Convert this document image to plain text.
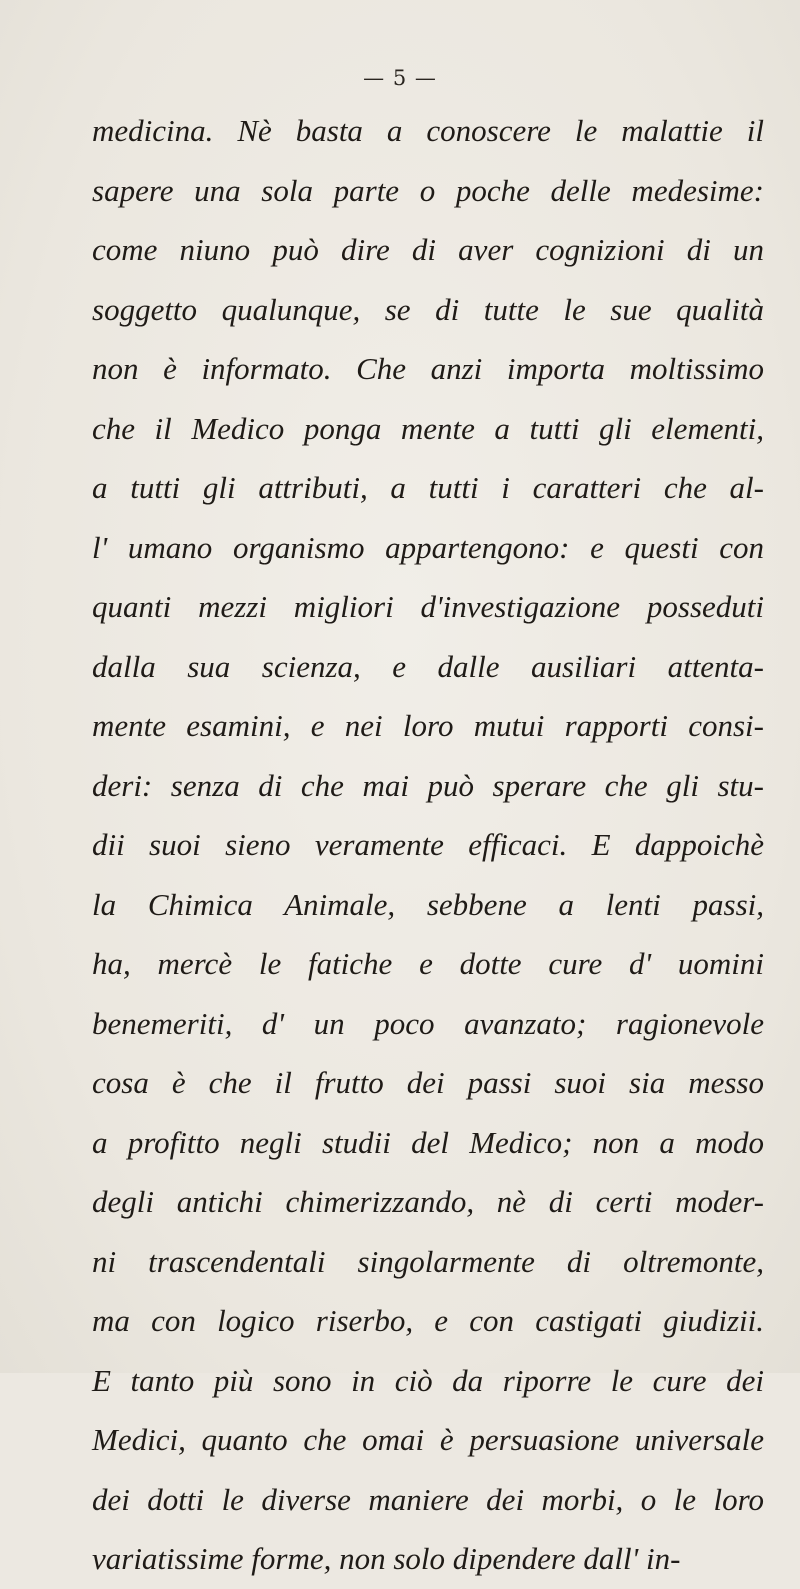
— 5 —
medicina. Nè basta a conoscere le malattie il
sapere una sola parte o poche delle medesime:
come niuno può dire di aver cognizioni di un
soggetto qualunque, se di tutte le sue qualità
non è informato. Che anzi importa moltissimo
che il Medico ponga mente a tutti gli elementi,
a tutti gli attributi, a tutti i caratteri che al-
l' umano organismo appartengono: e questi con
quanti mezzi migliori d'investigazione posseduti
dalla sua scienza, e dalle ausiliari attenta-
mente esamini, e nei loro mutui rapporti consi-
deri: senza di che mai può sperare che gli stu-
dii suoi sieno veramente efficaci. E dappoichè
la Chimica Animale, sebbene a lenti passi,
ha, mercè le fatiche e dotte cure d' uomini
benemeriti, d' un poco avanzato; ragionevole
cosa è che il frutto dei passi suoi sia messo
a profitto negli studii del Medico; non a modo
degli antichi chimerizzando, nè di certi moder-
ni trascendentali singolarmente di oltremonte,
ma con logico riserbo, e con castigati giudizii.
E tanto più sono in ciò da riporre le cure dei
Medici, quanto che omai è persuasione universale
dei dotti le diverse maniere dei morbi, o le loro
variatissime forme, non solo dipendere dall' in-
